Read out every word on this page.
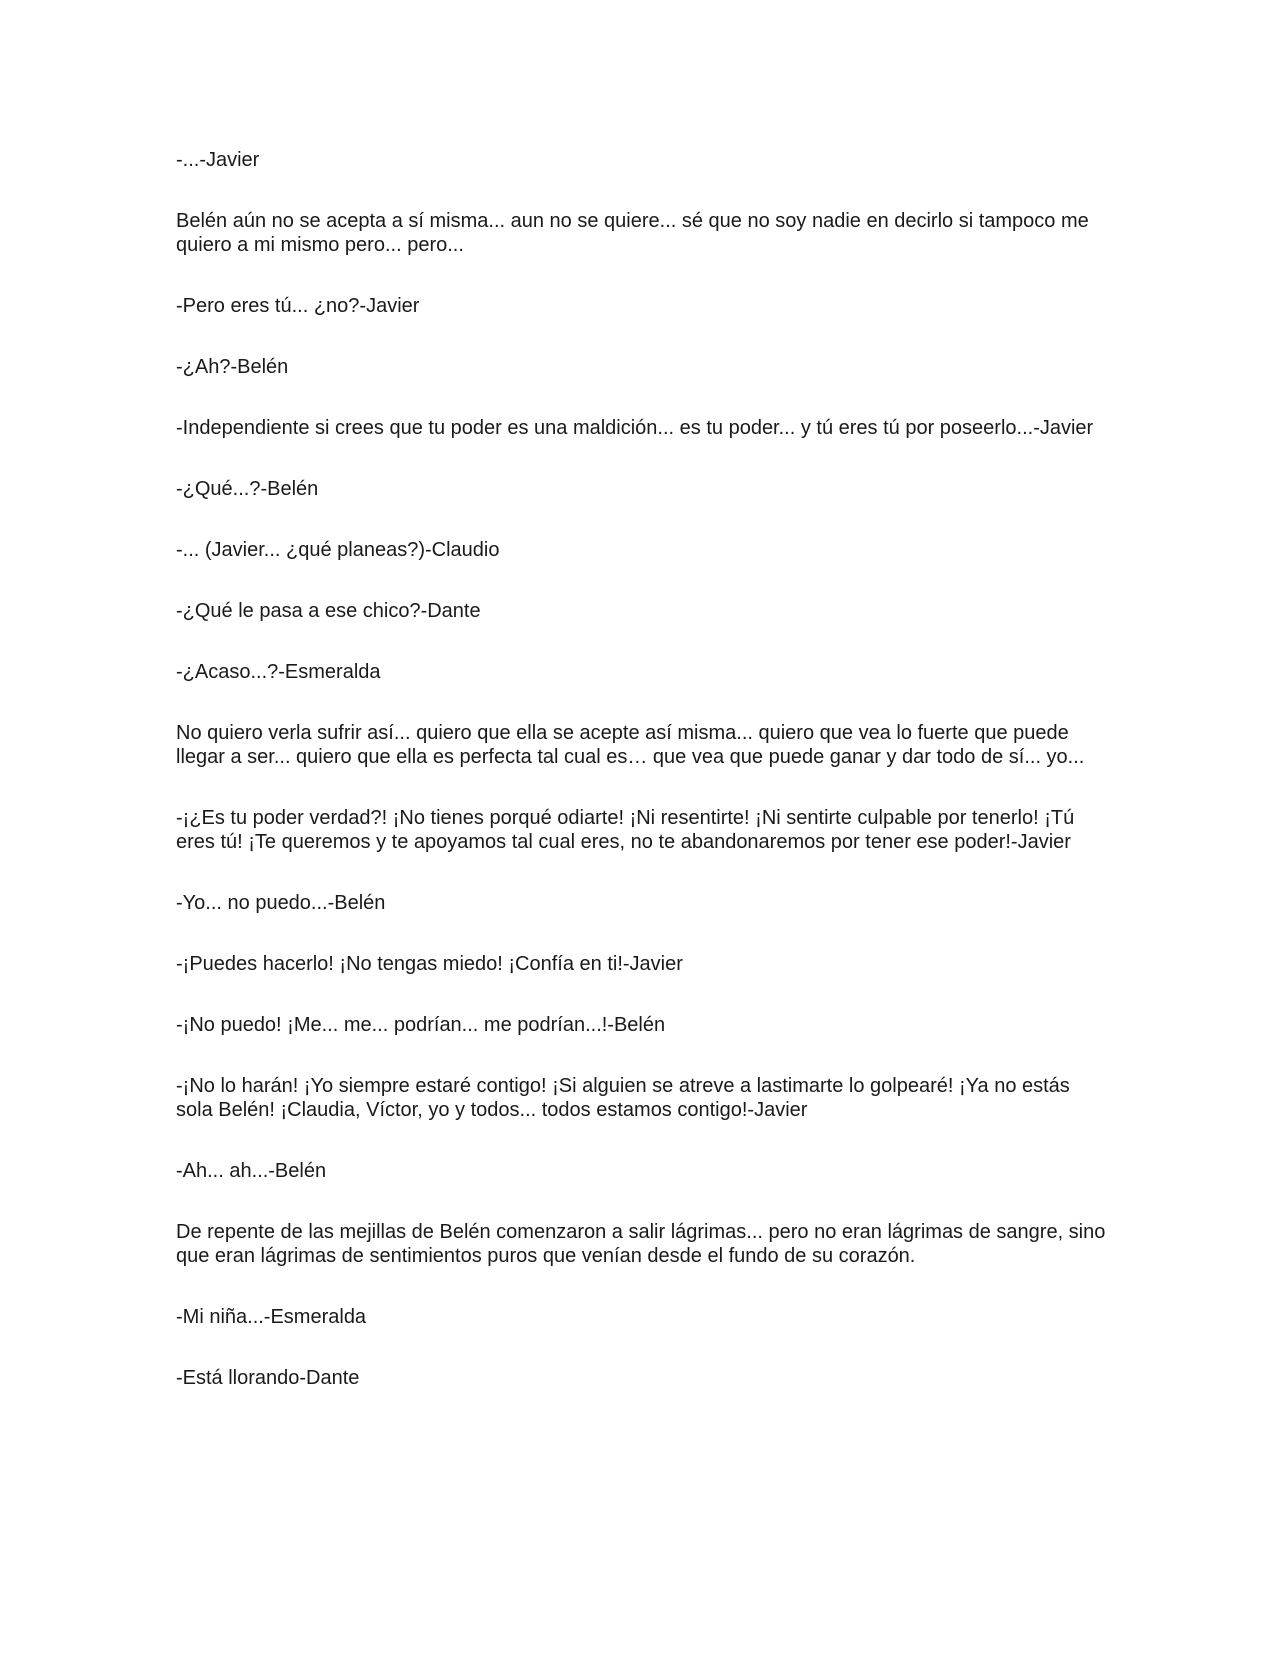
-...-Javier

Belén aún no se acepta a sí misma... aun no se quiere... sé que no soy nadie en decirlo si tampoco me quiero a mi mismo pero... pero...

-Pero eres tú... ¿no?-Javier

-¿Ah?-Belén

-Independiente si crees que tu poder es una maldición... es tu poder... y tú eres tú por poseerlo...-Javier

-¿Qué...?-Belén

-... (Javier... ¿qué planeas?)-Claudio

-¿Qué le pasa a ese chico?-Dante

-¿Acaso...?-Esmeralda

No quiero verla sufrir así... quiero que ella se acepte así misma... quiero que vea lo fuerte que puede llegar a ser... quiero que ella es perfecta tal cual es… que vea que puede ganar y dar todo de sí... yo...

-¡¿Es tu poder verdad?! ¡No tienes porqué odiarte! ¡Ni resentirte! ¡Ni sentirte culpable por tenerlo! ¡Tú eres tú! ¡Te queremos y te apoyamos tal cual eres, no te abandonaremos por tener ese poder!-Javier

-Yo... no puedo...-Belén

-¡Puedes hacerlo! ¡No tengas miedo! ¡Confía en ti!-Javier

-¡No puedo! ¡Me... me... podrían... me podrían...!-Belén

-¡No lo harán! ¡Yo siempre estaré contigo! ¡Si alguien se atreve a lastimarte lo golpearé! ¡Ya no estás sola Belén! ¡Claudia, Víctor, yo y todos... todos estamos contigo!-Javier

-Ah... ah...-Belén

De repente de las mejillas de Belén comenzaron a salir lágrimas... pero no eran lágrimas de sangre, sino que eran lágrimas de sentimientos puros que venían desde el fundo de su corazón.

-Mi niña...-Esmeralda

-Está llorando-Dante
